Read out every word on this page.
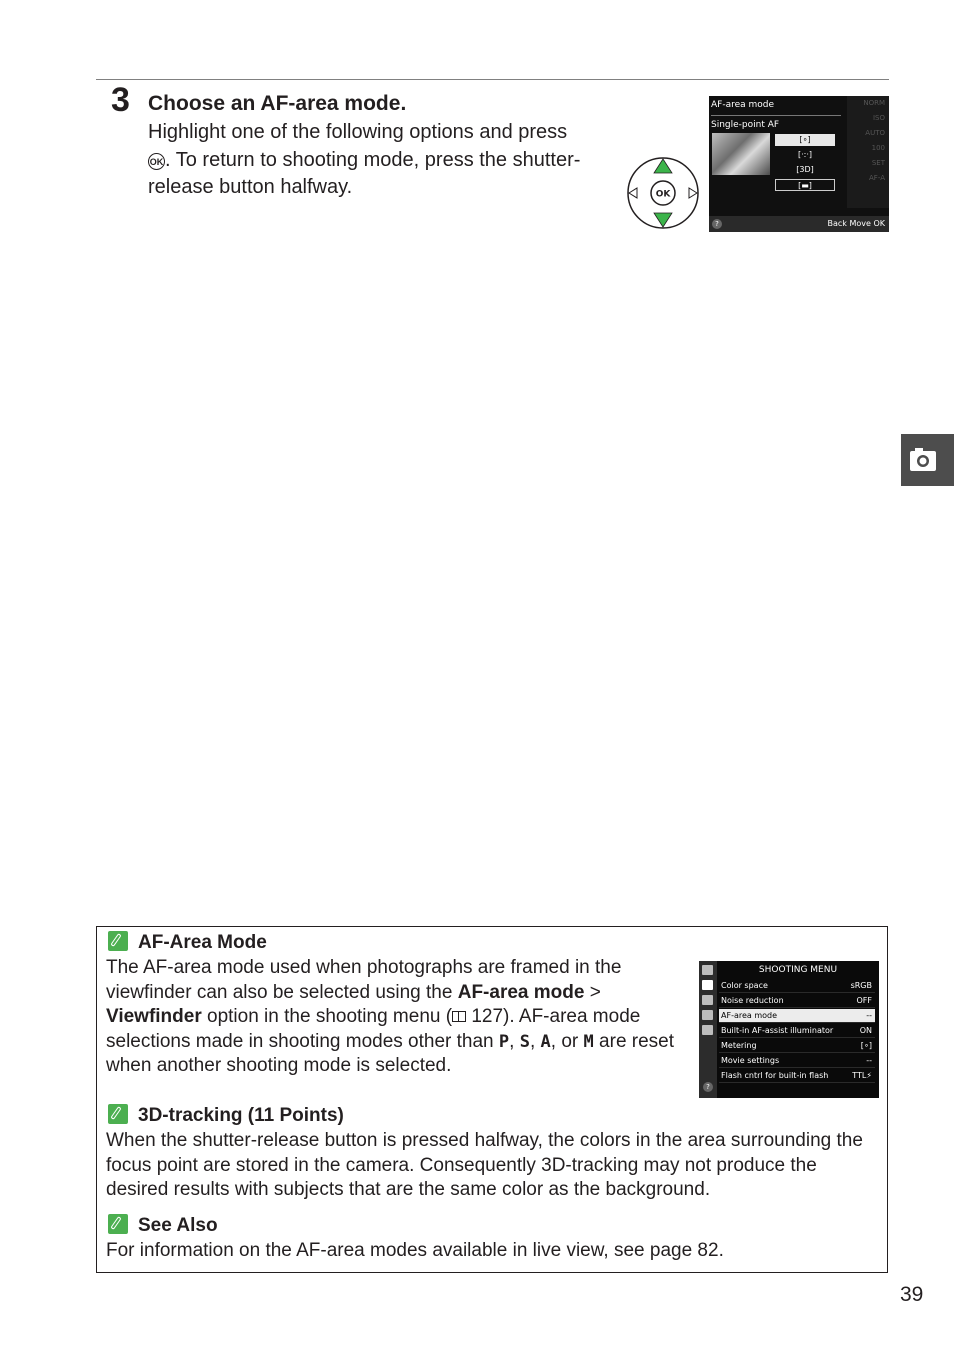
3 Choose an AF-area mode.
Highlight one of the following options and press
OK. To return to shooting mode, press the shutter-release button halfway.	OK
AF-area mode
Single-point AF
[∘]
[·:·]
[3D]
[▬]
NORM
ISO
AUTO
100
SET
AF-A
?	Back Move OK
AF-Area Mode
The AF-area mode used when photographs are framed in the viewfinder can also be selected using the AF-area mode > Viewfinder option in the shooting menu (
127). AF-area mode selections made in shooting modes other than P, S, A, or M are reset when another shooting mode is selected.
3D-tracking (11 Points)
When the shutter-release button is pressed halfway, the colors in the area surrounding the focus point are stored in the camera. Consequently 3D-tracking may not produce the desired results with subjects that are the same color as the background.
See Also
For information on the AF-area modes available in live view, see page 82.
SHOOTING MENU
Color space	sRGB
Noise reduction	OFF
AF-area mode	--
Built-in AF-assist illuminator	ON
Metering	[∘]
Movie settings	--
Flash cntrl for built-in flash	TTL⚡
?
39
